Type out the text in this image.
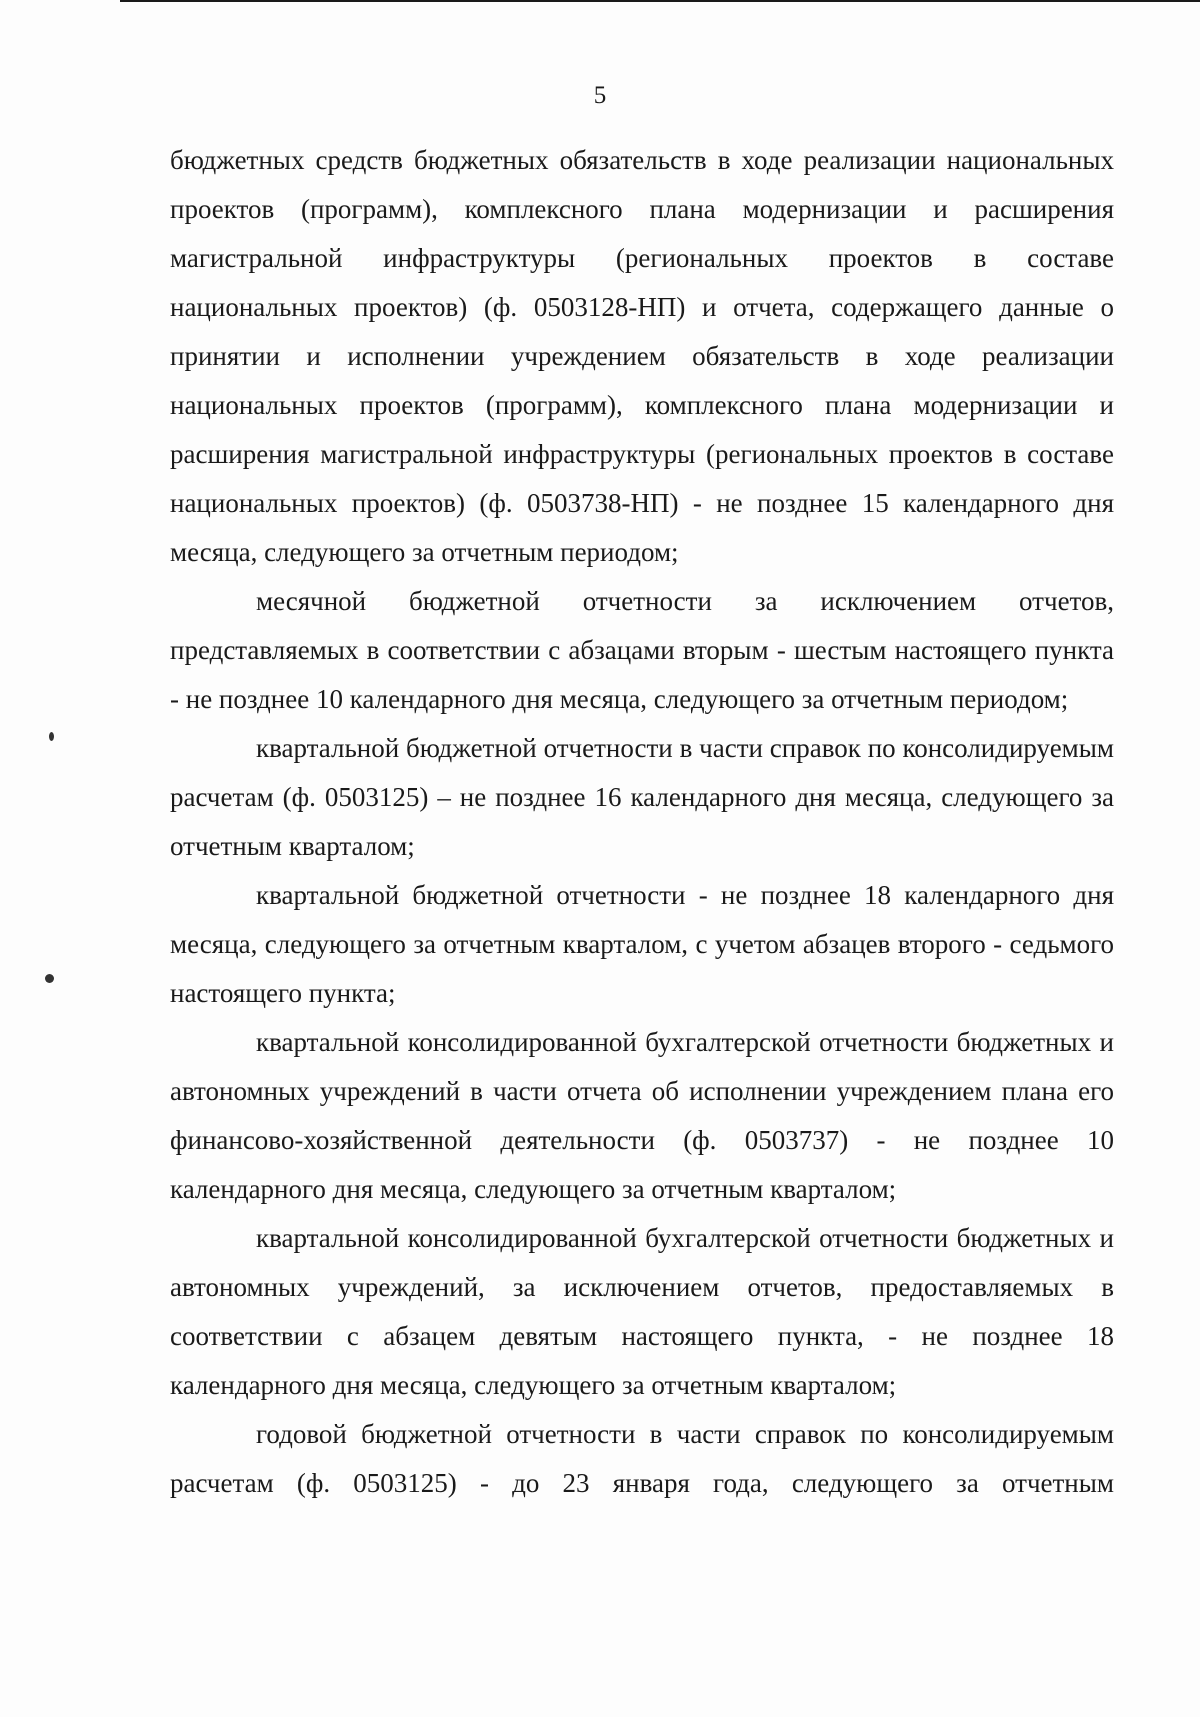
5

бюджетных средств бюджетных обязательств в ходе реализации национальных проектов (программ), комплексного плана модернизации и расширения магистральной инфраструктуры (региональных проектов в составе национальных проектов) (ф. 0503128-НП) и отчета, содержащего данные о принятии и исполнении учреждением обязательств в ходе реализации национальных проектов (программ), комплексного плана модернизации и расширения магистральной инфраструктуры (региональных проектов в составе национальных проектов) (ф. 0503738-НП) - не позднее 15 календарного дня месяца, следующего за отчетным периодом;

месячной бюджетной отчетности за исключением отчетов, представляемых в соответствии с абзацами вторым - шестым настоящего пункта - не позднее 10 календарного дня месяца, следующего за отчетным периодом;

квартальной бюджетной отчетности в части справок по консолидируемым расчетам (ф. 0503125) – не позднее 16 календарного дня месяца, следующего за отчетным кварталом;

квартальной бюджетной отчетности - не позднее 18 календарного дня месяца, следующего за отчетным кварталом, с учетом абзацев второго - седьмого настоящего пункта;

квартальной консолидированной бухгалтерской отчетности бюджетных и автономных учреждений в части отчета об исполнении учреждением плана его финансово-хозяйственной деятельности (ф. 0503737) - не позднее 10 календарного дня месяца, следующего за отчетным кварталом;

квартальной консолидированной бухгалтерской отчетности бюджетных и автономных учреждений, за исключением отчетов, предоставляемых в соответствии с абзацем девятым настоящего пункта, - не позднее 18 календарного дня месяца, следующего за отчетным кварталом;

годовой бюджетной отчетности в части справок по консолидируемым расчетам (ф. 0503125) - до 23 января года, следующего за отчетным
